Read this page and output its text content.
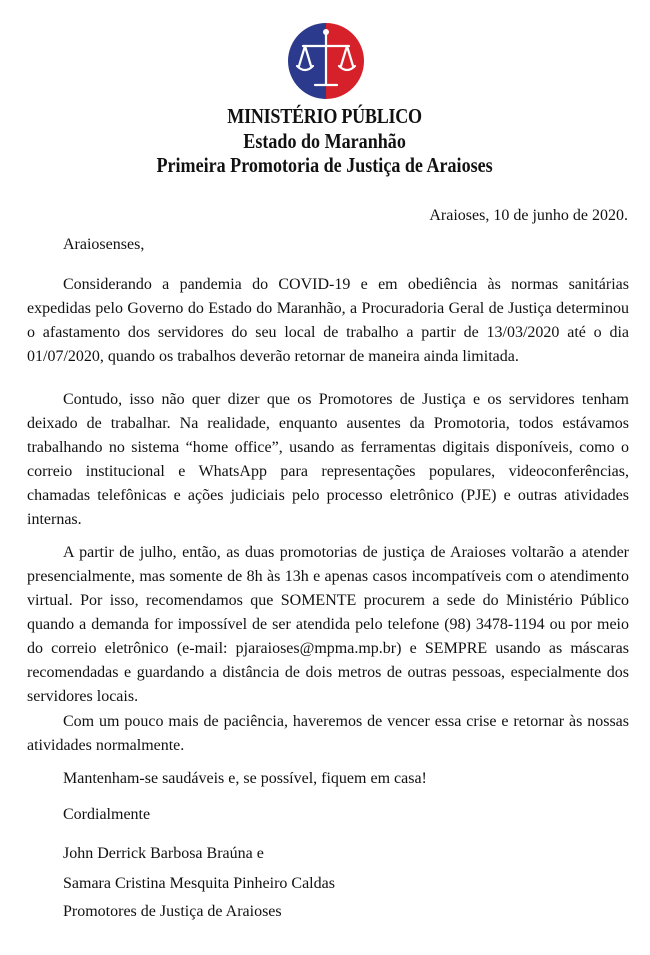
MINISTÉRIO PÚBLICO
Estado do Maranhão
Primeira Promotoria de Justiça de Araioses
Araioses, 10 de junho de 2020.
Araiosenses,

Considerando a pandemia do COVID-19 e em obediência às normas sanitárias expedidas pelo Governo do Estado do Maranhão, a Procuradoria Geral de Justiça determinou o afastamento dos servidores do seu local de trabalho a partir de 13/03/2020 até o dia 01/07/2020, quando os trabalhos deverão retornar de maneira ainda limitada.

Contudo, isso não quer dizer que os Promotores de Justiça e os servidores tenham deixado de trabalhar. Na realidade, enquanto ausentes da Promotoria, todos estávamos trabalhando no sistema “home office”, usando as ferramentas digitais disponíveis, como o correio institucional e WhatsApp para representações populares, videoconferências, chamadas telefônicas e ações judiciais pelo processo eletrônico (PJE) e outras atividades internas.

A partir de julho, então, as duas promotorias de justiça de Araioses voltarão a atender presencialmente, mas somente de 8h às 13h e apenas casos incompatíveis com o atendimento virtual. Por isso, recomendamos que SOMENTE procurem a sede do Ministério Público quando a demanda for impossível de ser atendida pelo telefone (98) 3478-1194 ou por meio do correio eletrônico (e-mail: pjaraioses@mpma.mp.br) e SEMPRE usando as máscaras recomendadas e guardando a distância de dois metros de outras pessoas, especialmente dos servidores locais.

Com um pouco mais de paciência, haveremos de vencer essa crise e retornar às nossas atividades normalmente.

Mantenham-se saudáveis e, se possível, fiquem em casa!

Cordialmente
John Derrick Barbosa Braúna e
Samara Cristina Mesquita Pinheiro Caldas
Promotores de Justiça de Araioses
